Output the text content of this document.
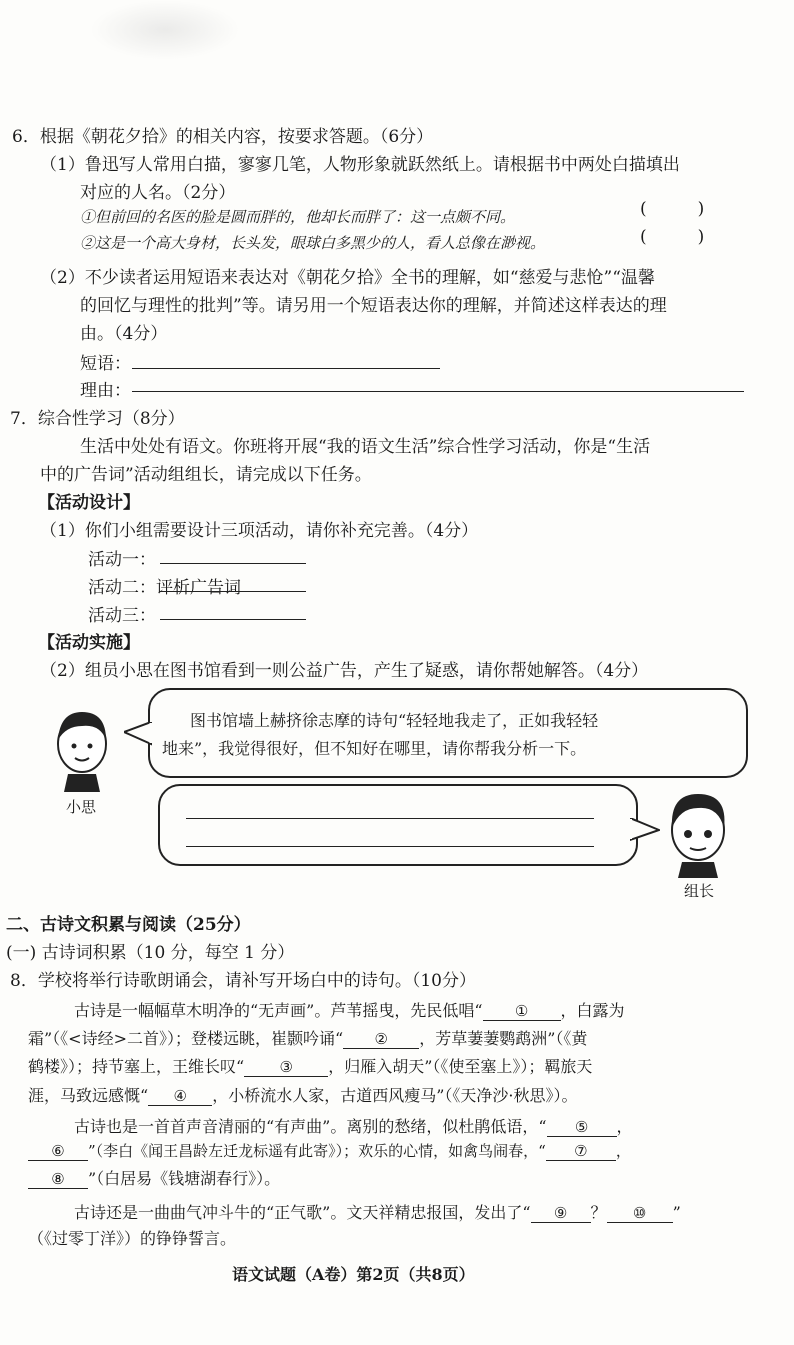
6．根据《朝花夕拾》的相关内容，按要求答题。（6分）
（1）鲁迅写人常用白描，寥寥几笔，人物形象就跃然纸上。请根据书中两处白描填出
对应的人名。（2分）
①但前回的名医的脸是圆而胖的，他却长而胖了：这一点颇不同。	(　　　)
②这是一个高大身材，长头发，眼球白多黑少的人，看人总像在渺视。	(　　　)
（2）不少读者运用短语来表达对《朝花夕拾》全书的理解，如“慈爱与悲怆”“温馨
的回忆与理性的批判”等。请另用一个短语表达你的理解，并简述这样表达的理
由。（4分）
短语：
理由：
7．综合性学习（8分）
生活中处处有语文。你班将开展“我的语文生活”综合性学习活动，你是“生活
中的广告词”活动组组长，请完成以下任务。
【活动设计】
（1）你们小组需要设计三项活动，请你补充完善。（4分）
活动一：
活动二：评析广告词
活动三：
【活动实施】
（2）组员小思在图书馆看到一则公益广告，产生了疑惑，请你帮她解答。（4分）
图书馆墙上赫挤徐志摩的诗句“轻轻地我走了，正如我轻轻
地来”，我觉得很好，但不知好在哪里，请你帮我分析一下。
小思
组长
二、古诗文积累与阅读（25分）
(一) 古诗词积累（10 分，每空 1 分）
8．学校将举行诗歌朗诵会，请补写开场白中的诗句。（10分）
古诗是一幅幅草木明净的“无声画”。芦苇摇曳，先民低唱“ ① ，白露为
霜”（《<诗经>二首》）；登楼远眺，崔颢吟诵“ ② ，芳草萋萋鹦鹉洲”（《黄
鹤楼》）；持节塞上，王维长叹“ ③ ，归雁入胡天”（《使至塞上》）；羁旅天
涯，马致远感慨“ ④ ，小桥流水人家，古道西风瘦马”（《天净沙·秋思》）。
古诗也是一首首声音清丽的“有声曲”。离别的愁绪，似杜鹃低语，“ ⑤ ，
⑥ ”（李白《闻王昌龄左迁龙标遥有此寄》）；欢乐的心情，如禽鸟闹春，“ ⑦ ，
⑧ ”（白居易《钱塘湖春行》）。
古诗还是一曲曲气冲斗牛的“正气歌”。文天祥精忠报国，发出了“ ⑨ ？ ⑩ ”
（《过零丁洋》）的铮铮誓言。
语文试题（A卷）第2页（共8页）
